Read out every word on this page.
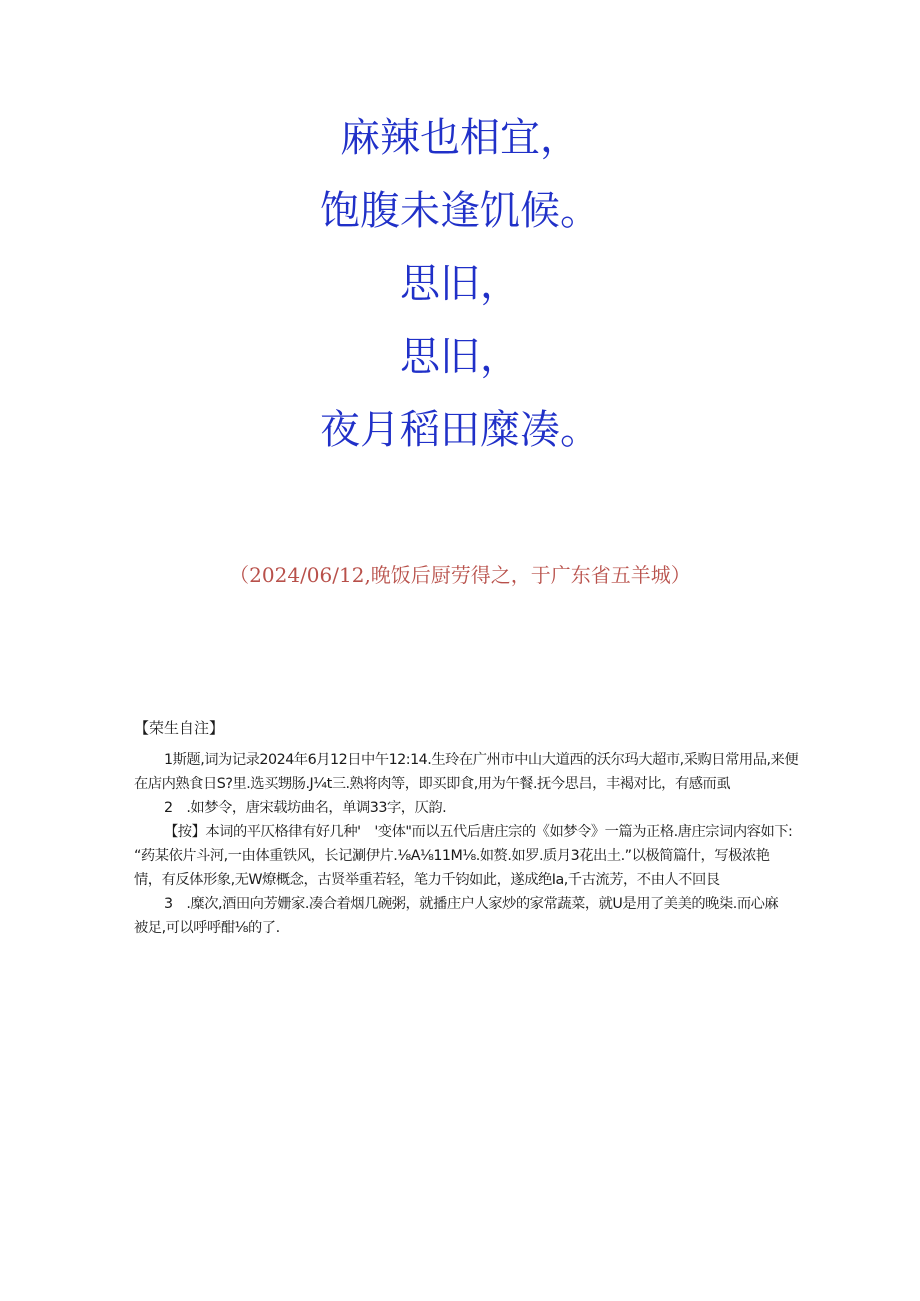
麻辣也相宜，
饱腹未逢饥候。
思旧，
思旧，
夜月稻田糜凑。
（2024/06/12,晚饭后厨劳得之，于广东省五羊城）
【荣生自注】
1斯题,词为记录2024年6月12日中午12:14.生玲在广州市中山大道西的沃尔玛大超市,采购日常用品,来便
在店内熟食日S?里.选买甥肠.J¼t三.熟将肉等，即买即食,用为午餐.抚今思吕，丰褐对比，有感而虱
2　.如梦令，唐宋载坊曲名，单调33字，仄韵.
【按】本词的平仄格律有好几种'　'变体"而以五代后唐庄宗的《如梦令》一篇为正格.唐庄宗词内容如下:
“药某依片斗河,一由体重铁风，长记涮伊片.⅛A⅛11M⅛.如赘.如罗.质月3花出土.”以极简篇什，写极浓艳
情，有反体形象,无W燎概念，古贤举重若轻，笔力千钧如此，遂成绝Ia,千古流芳，不由人不回艮
3　.糜次,酒田向芳姗家.凑合着烟几碗粥，就播庄户人家炒的家常蔬菜，就U是用了美美的晚柒.而心麻
被足,可以呼呼酣⅛的了.
